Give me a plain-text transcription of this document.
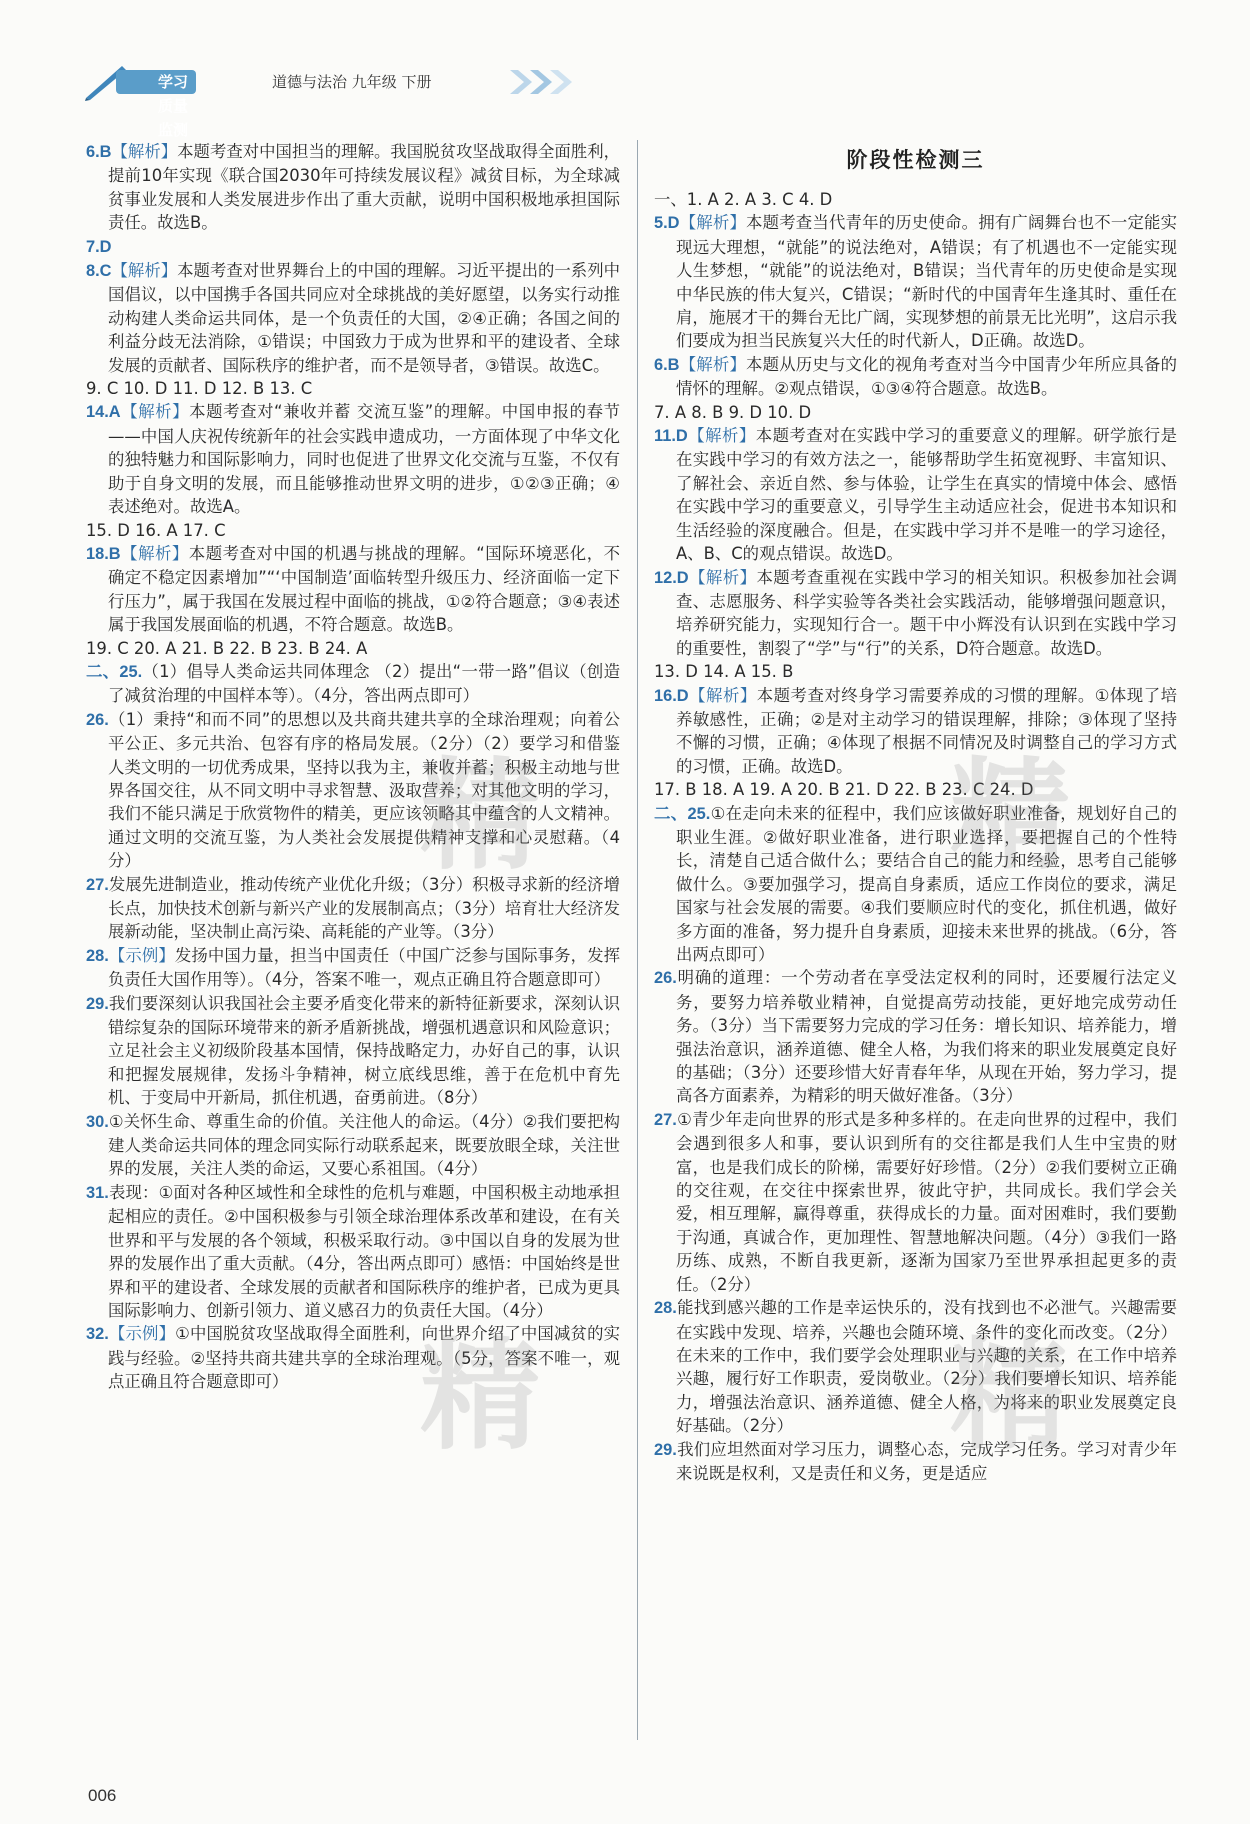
学习质量监测
道德与法治 九年级 下册
6.B【解析】本题考查对中国担当的理解。我国脱贫攻坚战取得全面胜利，提前10年实现《联合国2030年可持续发展议程》减贫目标，为全球减贫事业发展和人类发展进步作出了重大贡献，说明中国积极地承担国际责任。故选B。
7.D
8.C【解析】本题考查对世界舞台上的中国的理解。习近平提出的一系列中国倡议，以中国携手各国共同应对全球挑战的美好愿望，以务实行动推动构建人类命运共同体，是一个负责任的大国，②④正确；各国之间的利益分歧无法消除，①错误；中国致力于成为世界和平的建设者、全球发展的贡献者、国际秩序的维护者，而不是领导者，③错误。故选C。
9. C 10. D 11. D 12. B 13. C
14.A【解析】本题考查对“兼收并蓄 交流互鉴”的理解。中国申报的春节——中国人庆祝传统新年的社会实践申遗成功，一方面体现了中华文化的独特魅力和国际影响力，同时也促进了世界文化交流与互鉴，不仅有助于自身文明的发展，而且能够推动世界文明的进步，①②③正确；④表述绝对。故选A。
15. D 16. A 17. C
18.B【解析】本题考查对中国的机遇与挑战的理解。“国际环境恶化，不确定不稳定因素增加”“‘中国制造’面临转型升级压力、经济面临一定下行压力”，属于我国在发展过程中面临的挑战，①②符合题意；③④表述属于我国发展面临的机遇，不符合题意。故选B。
19. C 20. A 21. B 22. B 23. B 24. A
二、25.（1）倡导人类命运共同体理念 （2）提出“一带一路”倡议（创造了减贫治理的中国样本等）。（4分，答出两点即可）
26.（1）秉持“和而不同”的思想以及共商共建共享的全球治理观；向着公平公正、多元共治、包容有序的格局发展。（2分）（2）要学习和借鉴人类文明的一切优秀成果，坚持以我为主，兼收并蓄；积极主动地与世界各国交往，从不同文明中寻求智慧、汲取营养；对其他文明的学习，我们不能只满足于欣赏物件的精美，更应该领略其中蕴含的人文精神。通过文明的交流互鉴，为人类社会发展提供精神支撑和心灵慰藉。（4分）
27.发展先进制造业，推动传统产业优化升级；（3分）积极寻求新的经济增长点，加快技术创新与新兴产业的发展制高点；（3分）培育壮大经济发展新动能，坚决制止高污染、高耗能的产业等。（3分）
28.【示例】发扬中国力量，担当中国责任（中国广泛参与国际事务，发挥负责任大国作用等）。（4分，答案不唯一，观点正确且符合题意即可）
29.我们要深刻认识我国社会主要矛盾变化带来的新特征新要求，深刻认识错综复杂的国际环境带来的新矛盾新挑战，增强机遇意识和风险意识；立足社会主义初级阶段基本国情，保持战略定力，办好自己的事，认识和把握发展规律，发扬斗争精神，树立底线思维，善于在危机中育先机、于变局中开新局，抓住机遇，奋勇前进。（8分）
30.①关怀生命、尊重生命的价值。关注他人的命运。（4分）②我们要把构建人类命运共同体的理念同实际行动联系起来，既要放眼全球，关注世界的发展，关注人类的命运，又要心系祖国。（4分）
31.表现：①面对各种区域性和全球性的危机与难题，中国积极主动地承担起相应的责任。②中国积极参与引领全球治理体系改革和建设，在有关世界和平与发展的各个领域，积极采取行动。③中国以自身的发展为世界的发展作出了重大贡献。（4分，答出两点即可）感悟：中国始终是世界和平的建设者、全球发展的贡献者和国际秩序的维护者，已成为更具国际影响力、创新引领力、道义感召力的负责任大国。（4分）
32.【示例】①中国脱贫攻坚战取得全面胜利，向世界介绍了中国减贫的实践与经验。②坚持共商共建共享的全球治理观。（5分，答案不唯一，观点正确且符合题意即可）
阶段性检测三
一、1. A 2. A 3. C 4. D
5.D【解析】本题考查当代青年的历史使命。拥有广阔舞台也不一定能实现远大理想，“就能”的说法绝对，A错误；有了机遇也不一定能实现人生梦想，“就能”的说法绝对，B错误；当代青年的历史使命是实现中华民族的伟大复兴，C错误；“新时代的中国青年生逢其时、重任在肩，施展才干的舞台无比广阔，实现梦想的前景无比光明”，这启示我们要成为担当民族复兴大任的时代新人，D正确。故选D。
6.B【解析】本题从历史与文化的视角考查对当今中国青少年所应具备的情怀的理解。②观点错误，①③④符合题意。故选B。
7. A 8. B 9. D 10. D
11.D【解析】本题考查对在实践中学习的重要意义的理解。研学旅行是在实践中学习的有效方法之一，能够帮助学生拓宽视野、丰富知识、了解社会、亲近自然、参与体验，让学生在真实的情境中体会、感悟在实践中学习的重要意义，引导学生主动适应社会，促进书本知识和生活经验的深度融合。但是，在实践中学习并不是唯一的学习途径，A、B、C的观点错误。故选D。
12.D【解析】本题考查重视在实践中学习的相关知识。积极参加社会调查、志愿服务、科学实验等各类社会实践活动，能够增强问题意识，培养研究能力，实现知行合一。题干中小辉没有认识到在实践中学习的重要性，割裂了“学”与“行”的关系，D符合题意。故选D。
13. D 14. A 15. B
16.D【解析】本题考查对终身学习需要养成的习惯的理解。①体现了培养敏感性，正确；②是对主动学习的错误理解，排除；③体现了坚持不懈的习惯，正确；④体现了根据不同情况及时调整自己的学习方式的习惯，正确。故选D。
17. B 18. A 19. A 20. B 21. D 22. B 23. C 24. D
二、25.①在走向未来的征程中，我们应该做好职业准备，规划好自己的职业生涯。②做好职业准备，进行职业选择，要把握自己的个性特长，清楚自己适合做什么；要结合自己的能力和经验，思考自己能够做什么。③要加强学习，提高自身素质，适应工作岗位的要求，满足国家与社会发展的需要。④我们要顺应时代的变化，抓住机遇，做好多方面的准备，努力提升自身素质，迎接未来世界的挑战。（6分，答出两点即可）
26.明确的道理：一个劳动者在享受法定权利的同时，还要履行法定义务，要努力培养敬业精神，自觉提高劳动技能，更好地完成劳动任务。（3分）当下需要努力完成的学习任务：增长知识、培养能力，增强法治意识，涵养道德、健全人格，为我们将来的职业发展奠定良好的基础；（3分）还要珍惜大好青春年华，从现在开始，努力学习，提高各方面素养，为精彩的明天做好准备。（3分）
27.①青少年走向世界的形式是多种多样的。在走向世界的过程中，我们会遇到很多人和事，要认识到所有的交往都是我们人生中宝贵的财富，也是我们成长的阶梯，需要好好珍惜。（2分）②我们要树立正确的交往观，在交往中探索世界，彼此守护，共同成长。我们学会关爱，相互理解，赢得尊重，获得成长的力量。面对困难时，我们要勤于沟通，真诚合作，更加理性、智慧地解决问题。（4分）③我们一路历练、成熟，不断自我更新，逐渐为国家乃至世界承担起更多的责任。（2分）
28.能找到感兴趣的工作是幸运快乐的，没有找到也不必泄气。兴趣需要在实践中发现、培养，兴趣也会随环境、条件的变化而改变。（2分）在未来的工作中，我们要学会处理职业与兴趣的关系，在工作中培养兴趣，履行好工作职责，爱岗敬业。（2分）我们要增长知识、培养能力，增强法治意识、涵养道德、健全人格，为将来的职业发展奠定良好基础。（2分）
29.我们应坦然面对学习压力，调整心态，完成学习任务。学习对青少年来说既是权利，又是责任和义务，更是适应
精	精
精	精
006
